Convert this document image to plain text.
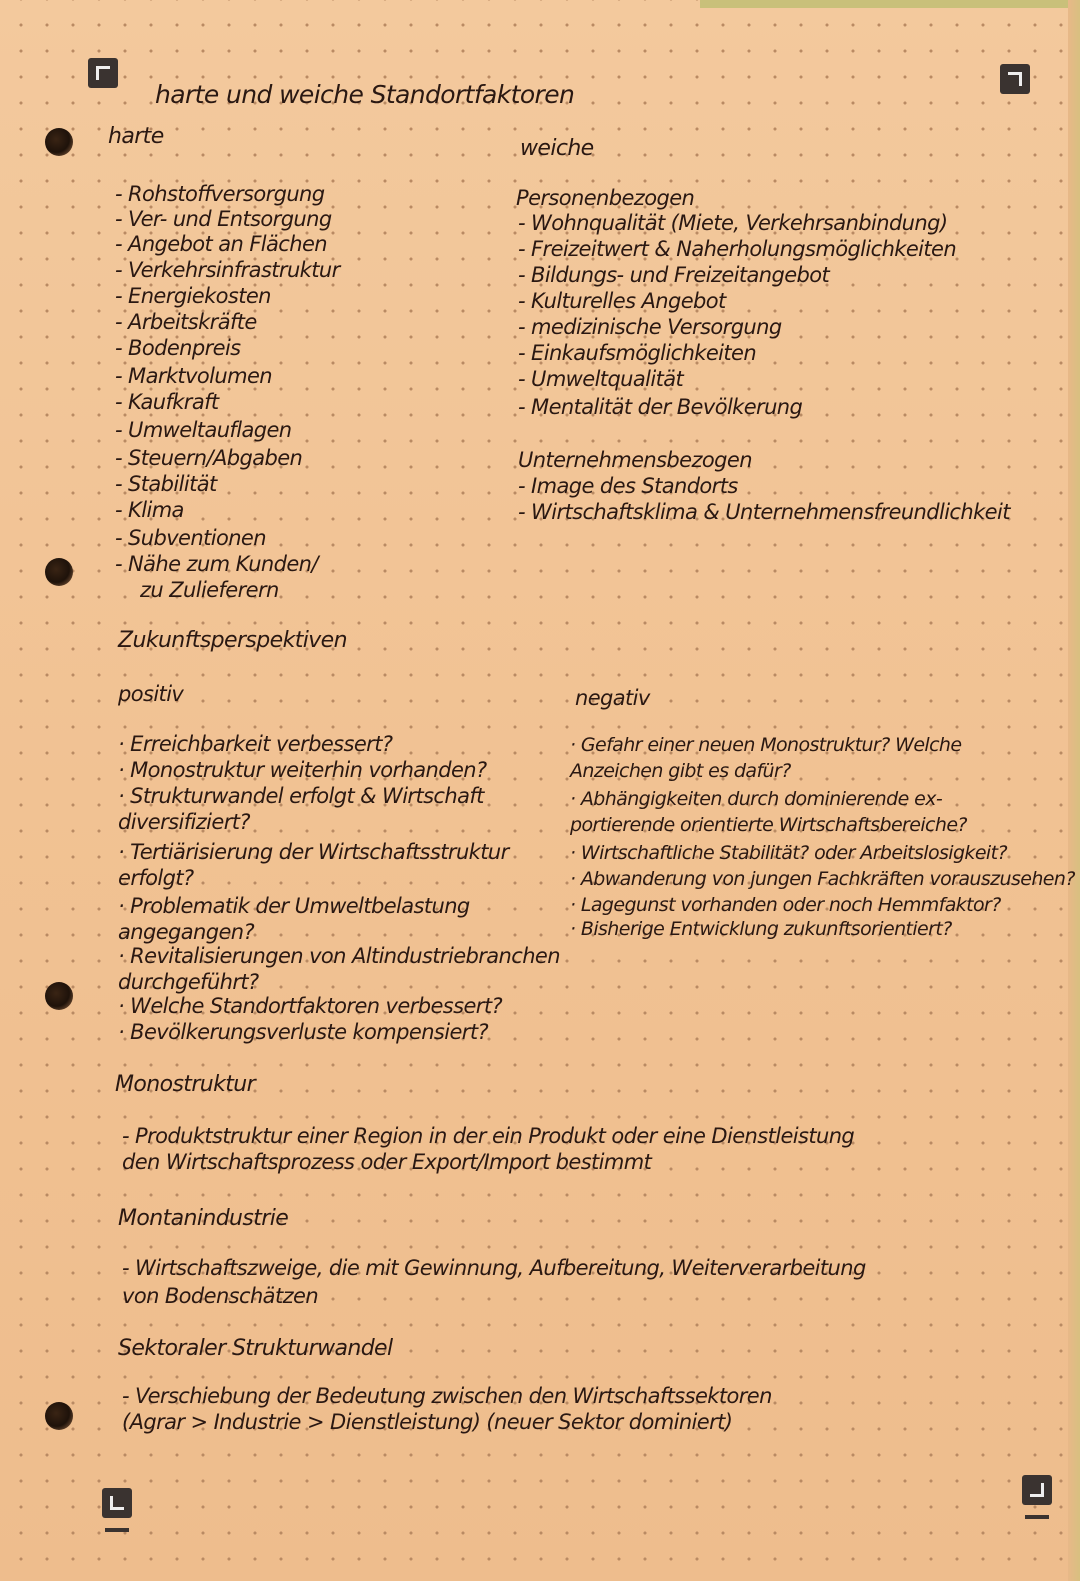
harte und weiche Standortfaktoren
harte
- Rohstoffversorgung
- Ver- und Entsorgung
- Angebot an Flächen
- Verkehrsinfrastruktur
- Energiekosten
- Arbeitskräfte
- Bodenpreis
- Marktvolumen
- Kaufkraft
- Umweltauflagen
- Steuern/Abgaben
- Stabilität
- Klima
- Subventionen
- Nähe zum Kunden/
zu Zulieferern
weiche
Personenbezogen
- Wohnqualität (Miete, Verkehrsanbindung)
- Freizeitwert & Naherholungsmöglichkeiten
- Bildungs- und Freizeitangebot
- Kulturelles Angebot
- medizinische Versorgung
- Einkaufsmöglichkeiten
- Umweltqualität
- Mentalität der Bevölkerung
Unternehmensbezogen
- Image des Standorts
- Wirtschaftsklima & Unternehmensfreundlichkeit
Zukunftsperspektiven
positiv	negativ
· Erreichbarkeit verbessert?
· Monostruktur weiterhin vorhanden?
· Strukturwandel erfolgt & Wirtschaft
diversifiziert?
· Tertiärisierung der Wirtschaftsstruktur
erfolgt?
· Problematik der Umweltbelastung
angegangen?
· Revitalisierungen von Altindustriebranchen
durchgeführt?
· Welche Standortfaktoren verbessert?
· Bevölkerungsverluste kompensiert?
· Gefahr einer neuen Monostruktur? Welche
Anzeichen gibt es dafür?
· Abhängigkeiten durch dominierende ex-
portierende orientierte Wirtschaftsbereiche?
· Wirtschaftliche Stabilität? oder Arbeitslosigkeit?
· Abwanderung von jungen Fachkräften vorauszusehen?
· Lagegunst vorhanden oder noch Hemmfaktor?
· Bisherige Entwicklung zukunftsorientiert?
Monostruktur
- Produktstruktur einer Region in der ein Produkt oder eine Dienstleistung
den Wirtschaftsprozess oder Export/Import bestimmt
Montanindustrie
- Wirtschaftszweige, die mit Gewinnung, Aufbereitung, Weiterverarbeitung
von Bodenschätzen
Sektoraler Strukturwandel
- Verschiebung der Bedeutung zwischen den Wirtschaftssektoren
(Agrar > Industrie > Dienstleistung) (neuer Sektor dominiert)
